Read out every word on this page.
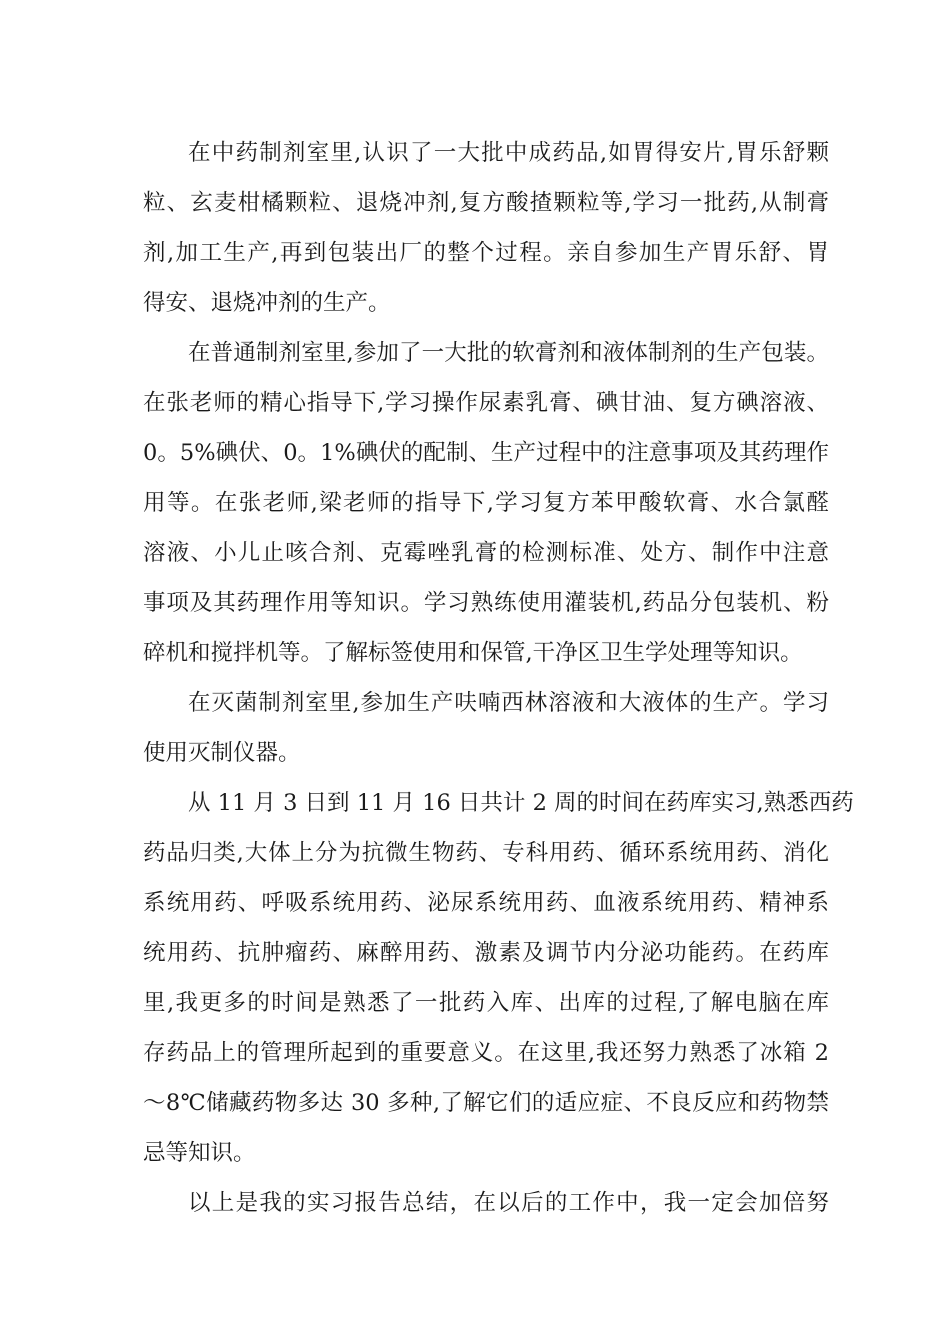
在中药制剂室里,认识了一大批中成药品,如胃得安片,胃乐舒颗
粒、玄麦柑橘颗粒、退烧冲剂,复方酸揸颗粒等,学习一批药,从制膏
剂,加工生产,再到包装出厂的整个过程。亲自参加生产胃乐舒、胃
得安、退烧冲剂的生产。
在普通制剂室里,参加了一大批的软膏剂和液体制剂的生产包装。
在张老师的精心指导下,学习操作尿素乳膏、碘甘油、复方碘溶液、
0。5%碘伏、0。1%碘伏的配制、生产过程中的注意事项及其药理作
用等。在张老师,梁老师的指导下,学习复方苯甲酸软膏、水合氯醛
溶液、小儿止咳合剂、克霉唑乳膏的检测标准、处方、制作中注意
事项及其药理作用等知识。学习熟练使用灌装机,药品分包装机、粉
碎机和搅拌机等。了解标签使用和保管,干净区卫生学处理等知识。
在灭菌制剂室里,参加生产呋喃西林溶液和大液体的生产。学习
使用灭制仪器。
从 11 月 3 日到 11 月 16 日共计 2 周的时间在药库实习,熟悉西药
药品归类,大体上分为抗微生物药、专科用药、循环系统用药、消化
系统用药、呼吸系统用药、泌尿系统用药、血液系统用药、精神系
统用药、抗肿瘤药、麻醉用药、激素及调节内分泌功能药。在药库
里,我更多的时间是熟悉了一批药入库、出库的过程,了解电脑在库
存药品上的管理所起到的重要意义。在这里,我还努力熟悉了冰箱 2
～8℃储藏药物多达 30 多种,了解它们的适应症、不良反应和药物禁
忌等知识。
以上是我的实习报告总结，在以后的工作中，我一定会加倍努
